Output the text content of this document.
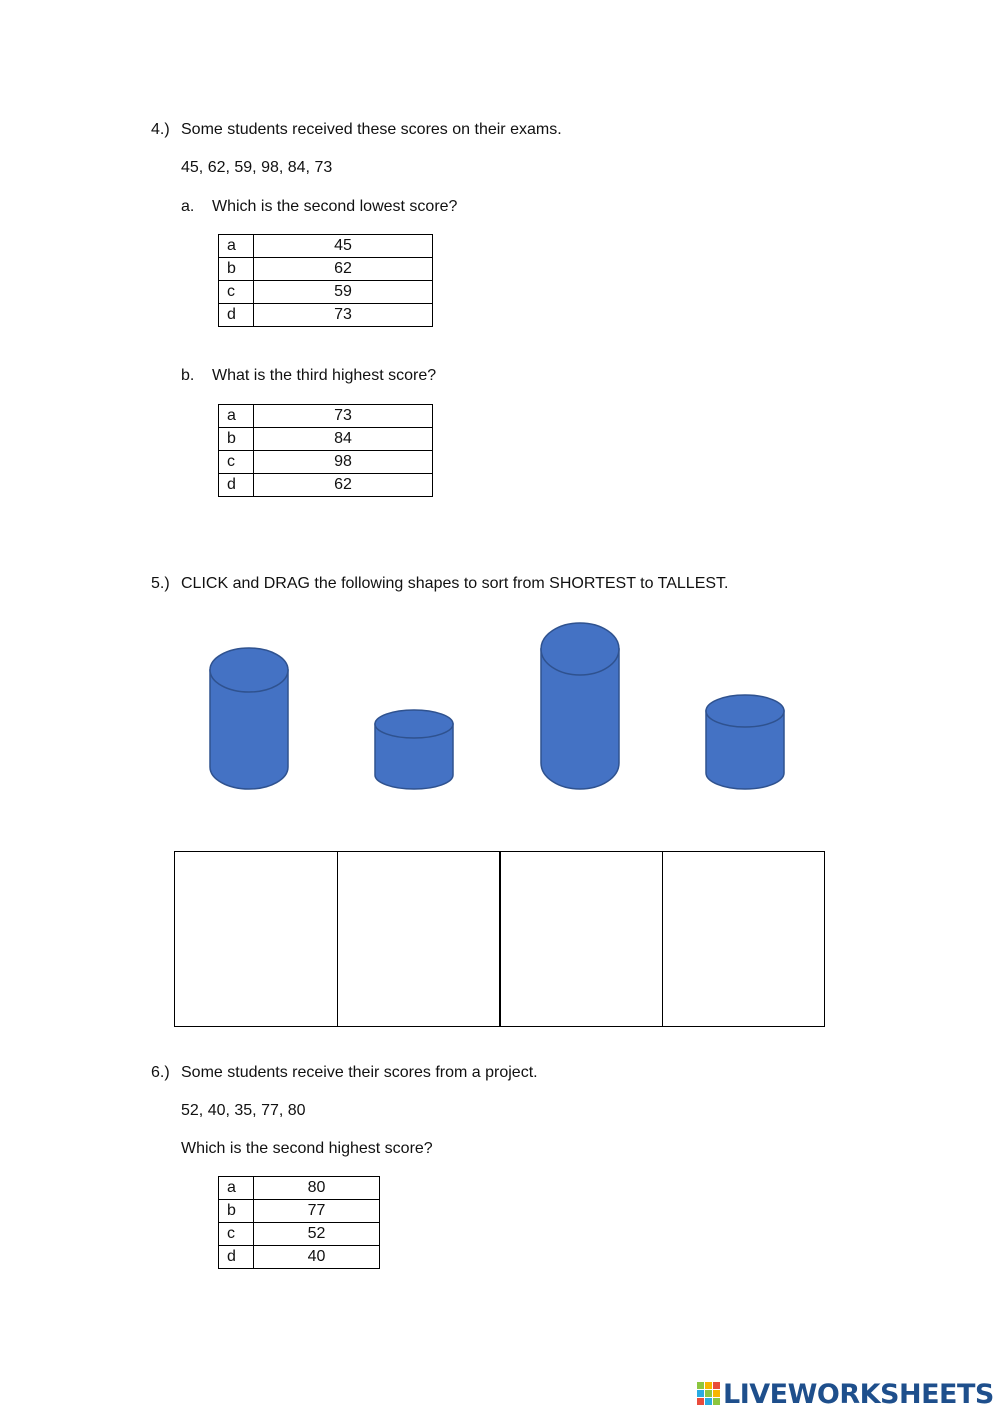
4.) Some students received these scores on their exams.
45, 62, 59, 98, 84, 73
a. Which is the second lowest score?
a	45
b	62
c	59
d	73
b. What is the third highest score?
a	73
b	84
c	98
d	62
5.) CLICK and DRAG the following shapes to sort from SHORTEST to TALLEST.
6.) Some students receive their scores from a project.
52, 40, 35, 77, 80
Which is the second highest score?
a	80
b	77
c	52
d	40
LIVEWORKSHEETS
